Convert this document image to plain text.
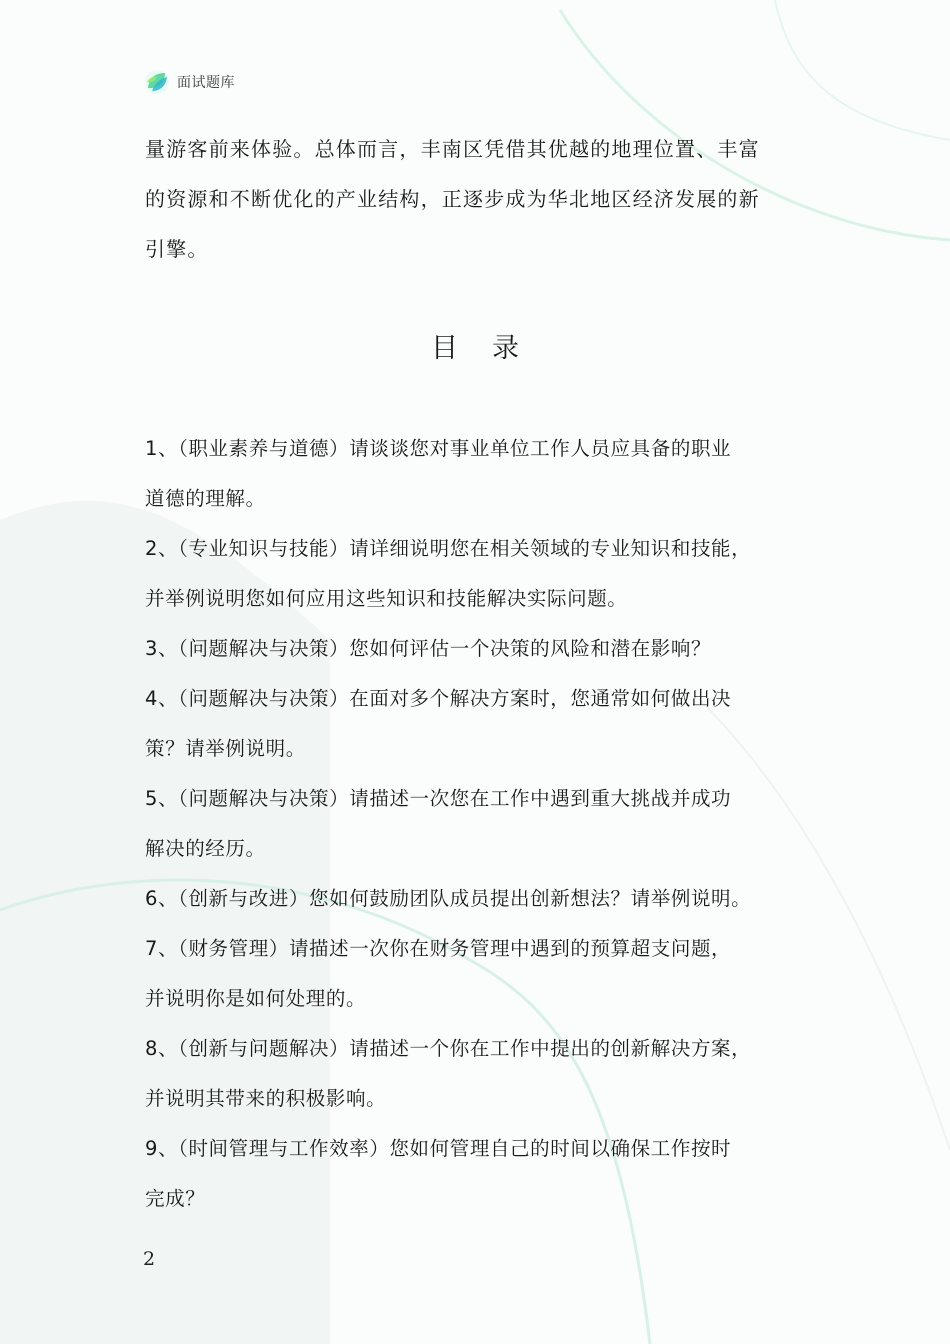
面试题库

量游客前来体验。总体而言，丰南区凭借其优越的地理位置、丰富

的资源和不断优化的产业结构，正逐步成为华北地区经济发展的新

引擎。

目录
1、（职业素养与道德）请谈谈您对事业单位工作人员应具备的职业
道德的理解。
2、（专业知识与技能）请详细说明您在相关领域的专业知识和技能，
并举例说明您如何应用这些知识和技能解决实际问题。
3、（问题解决与决策）您如何评估一个决策的风险和潜在影响？
4、（问题解决与决策）在面对多个解决方案时，您通常如何做出决
策？请举例说明。
5、（问题解决与决策）请描述一次您在工作中遇到重大挑战并成功
解决的经历。
6、（创新与改进）您如何鼓励团队成员提出创新想法？请举例说明。
7、（财务管理）请描述一次你在财务管理中遇到的预算超支问题，
并说明你是如何处理的。
8、（创新与问题解决）请描述一个你在工作中提出的创新解决方案，
并说明其带来的积极影响。
9、（时间管理与工作效率）您如何管理自己的时间以确保工作按时
完成？
2
